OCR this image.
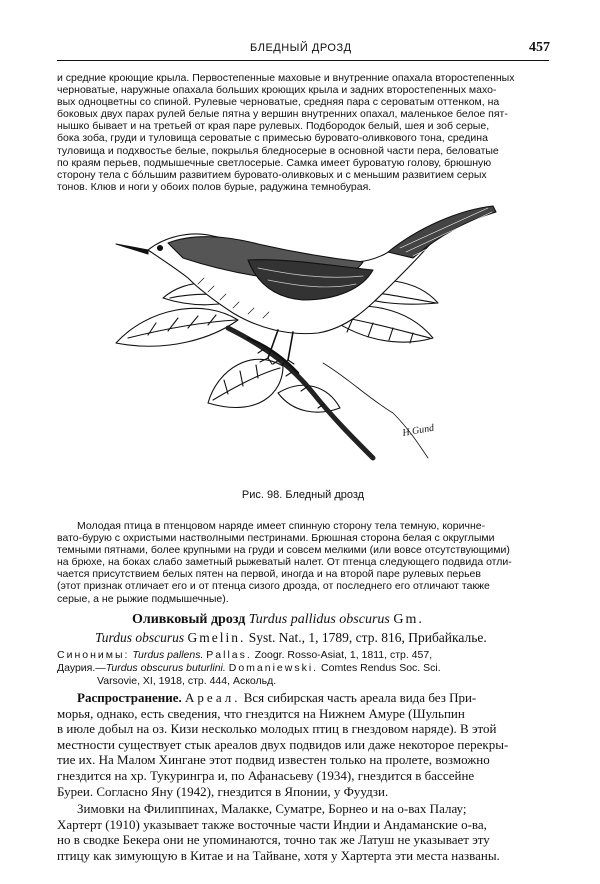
БЛЕДНЫЙ ДРОЗД	457

и средние кроющие крыла. Первостепенные маховые и внутренние опахала второстепенных
черноватые, наружные опахала больших кроющих крыла и задних второстепенных махо-
вых одноцветны со спиной. Рулевые черноватые, средняя пара с сероватым оттенком, на
боковых двух парах рулей белые пятна у вершин внутренних опахал, маленькое белое пят-
нышко бывает и на третьей от края паре рулевых. Подбородок белый, шея и зоб серые,
бока зоба, груди и туловища сероватые с примесью буровато-оливкового тона, средина
туловища и подхвостье белые, покрылья бледносерые в основной части пера, беловатые
по краям перьев, подмышечные светлосерые. Самка имеет буроватую голову, брюшную
сторону тела с бóльшим развитием буровато-оливковых и с меньшим развитием серых
тонов. Клюв и ноги у обоих полов бурые, радужина темнобурая.

H.Gund
Рис. 98. Бледный дрозд

Молодая птица в птенцовом наряде имеет спинную сторону тела темную, коричне-
вато-бурую с охристыми настволными пестринами. Брюшная сторона белая с округлыми
темными пятнами, более крупными на груди и совсем мелкими (или вовсе отсутствующими)
на брюхе, на боках слабо заметный рыжеватый налет. От птенца следующего подвида отли-
чается присутствием белых пятен на первой, иногда и на второй паре рулевых перьев
(этот признак отличает его и от птенца сизого дрозда, от последнего его отличают также
серые, а не рыжие подмышечные).

Оливковый дрозд Turdus pallidus obscurus Gm.
Turdus obscurus Gmelin. Syst. Nat., 1, 1789, стр. 816, Прибайкалье.
Синонимы: Turdus pallens. Pallas. Zoogr. Rosso-Asiat, 1, 1811, стр. 457,
Даурия.—Turdus obscurus buturlini. Domaniewski. Comtes Rendus Soc. Sci.
Varsovie, XI, 1918, стр. 444, Аскольд.
Распространение. Ареал. Вся сибирская часть ареала вида без При-
морья, однако, есть сведения, что гнездится на Нижнем Амуре (Шульпин
в июле добыл на оз. Кизи несколько молодых птиц в гнездовом наряде). В этой
местности существует стык ареалов двух подвидов или даже некоторое перекры-
тие их. На Малом Хингане этот подвид известен только на пролете, возможно
гнездится на хр. Тукурингра и, по Афанасьеву (1934), гнездится в бассейне
Буреи. Согласно Яну (1942), гнездится в Японии, у Фуудзи.
Зимовки на Филиппинах, Малакке, Суматре, Борнео и на о-вах Палау;
Хартерт (1910) указывает также восточные части Индии и Андаманские о-ва,
но в сводке Бекера они не упоминаются, точно так же Латуш не указывает эту
птицу как зимующую в Китае и на Тайване, хотя у Хартерта эти места названы.
